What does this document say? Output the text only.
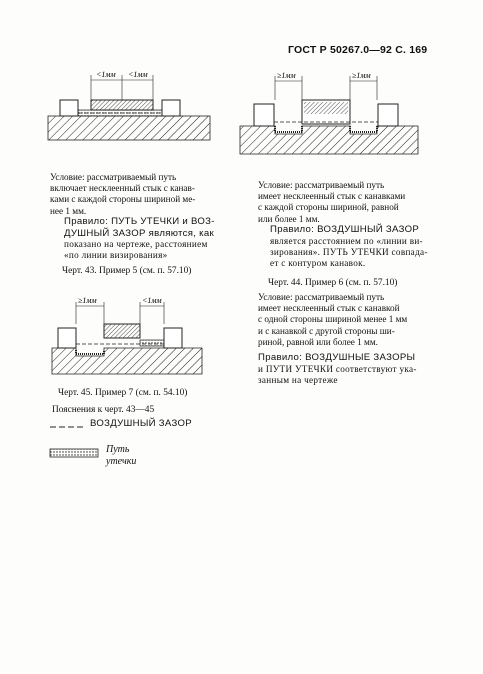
ГОСТ Р 50267.0—92 С. 169
<1мм <1мм
Условие: рассматриваемый путь
включает несклеенный стык с канав-
ками с каждой стороны шириной ме-
нее 1 мм.
Правило: ПУТЬ УТЕЧКИ и ВОЗ-
ДУШНЫЙ ЗАЗОР являются, как
показано на чертеже, расстоянием
«по линии визирования»
Черт. 43. Пример 5 (см. п. 57.10)
≥1мм	≥1мм
Условие: рассматриваемый путь
имеет несклеенный стык с канавками
с каждой стороны шириной, равной
или более 1 мм.
Правило: ВОЗДУШНЫЙ ЗАЗОР
является расстоянием по «линии ви-
зирования». ПУТЬ УТЕЧКИ совпада-
ет с контуром канавок.
Черт. 44. Пример 6 (см. п. 57.10)
≥1мм	<1мм
Черт. 45. Пример 7 (см. п. 54.10)
Условие: рассматриваемый путь
имеет несклеенный стык с канавкой
с одной стороны шириной менее 1 мм
и с канавкой с другой стороны ши-
риной, равной или более 1 мм.
Правило: ВОЗДУШНЫЕ ЗАЗОРЫ
и ПУТИ УТЕЧКИ соответствуют ука-
занным на чертеже
Пояснения к черт. 43—45
ВОЗДУШНЫЙ ЗАЗОР
Путь
утечки
